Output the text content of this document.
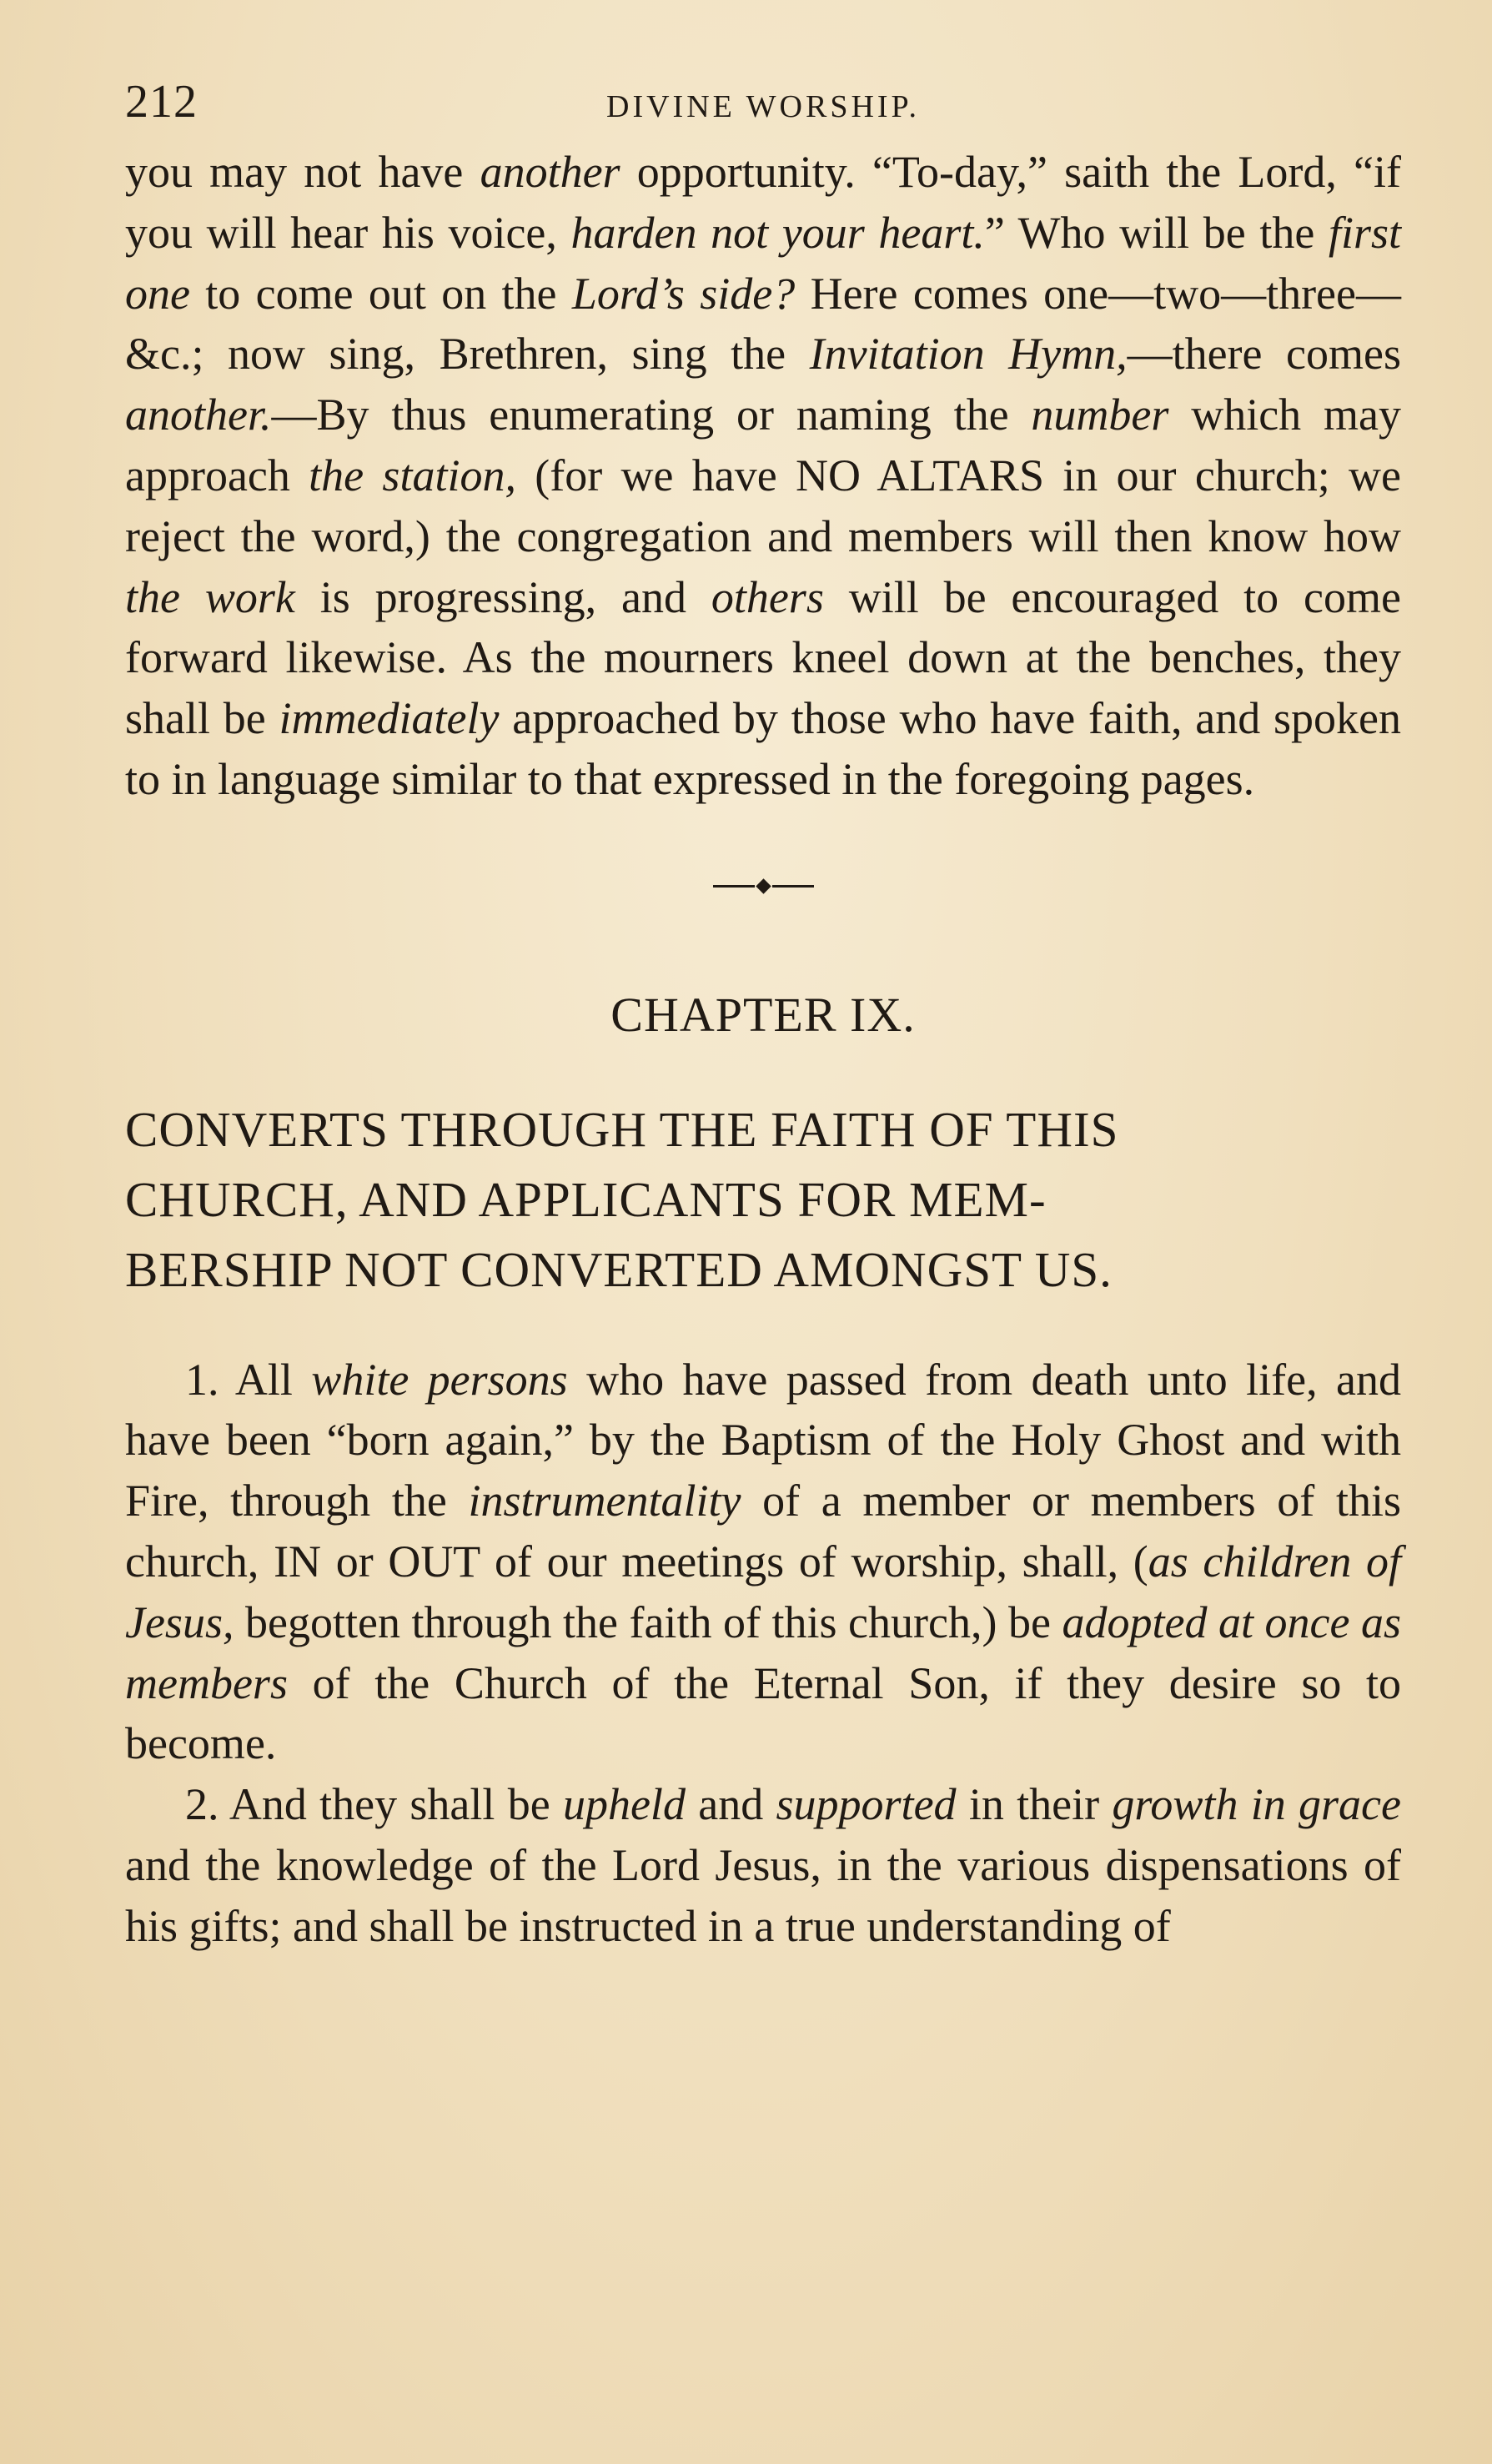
212	DIVINE WORSHIP.

you may not have another opportunity. “To-day,” saith the Lord, “if you will hear his voice, harden not your heart.” Who will be the first one to come out on the Lord’s side? Here comes one—two—three—&c.; now sing, Brethren, sing the Invitation Hymn,—there comes another.—By thus enumerating or naming the number which may approach the station, (for we have NO ALTARS in our church; we reject the word,) the congregation and members will then know how the work is progressing, and others will be encouraged to come forward likewise. As the mourners kneel down at the benches, they shall be immediately approached by those who have faith, and spoken to in language similar to that expressed in the foregoing pages.

CHAPTER IX.
CONVERTS THROUGH THE FAITH OF THIS
CHURCH, AND APPLICANTS FOR MEM-
BERSHIP NOT CONVERTED AMONGST US.

1. All white persons who have passed from death unto life, and have been “born again,” by the Baptism of the Holy Ghost and with Fire, through the instrumentality of a member or members of this church, IN or OUT of our meetings of worship, shall, (as children of Jesus, begotten through the faith of this church,) be adopted at once as members of the Church of the Eternal Son, if they desire so to become.

2. And they shall be upheld and supported in their growth in grace and the knowledge of the Lord Jesus, in the various dispensations of his gifts; and shall be instructed in a true understanding of
